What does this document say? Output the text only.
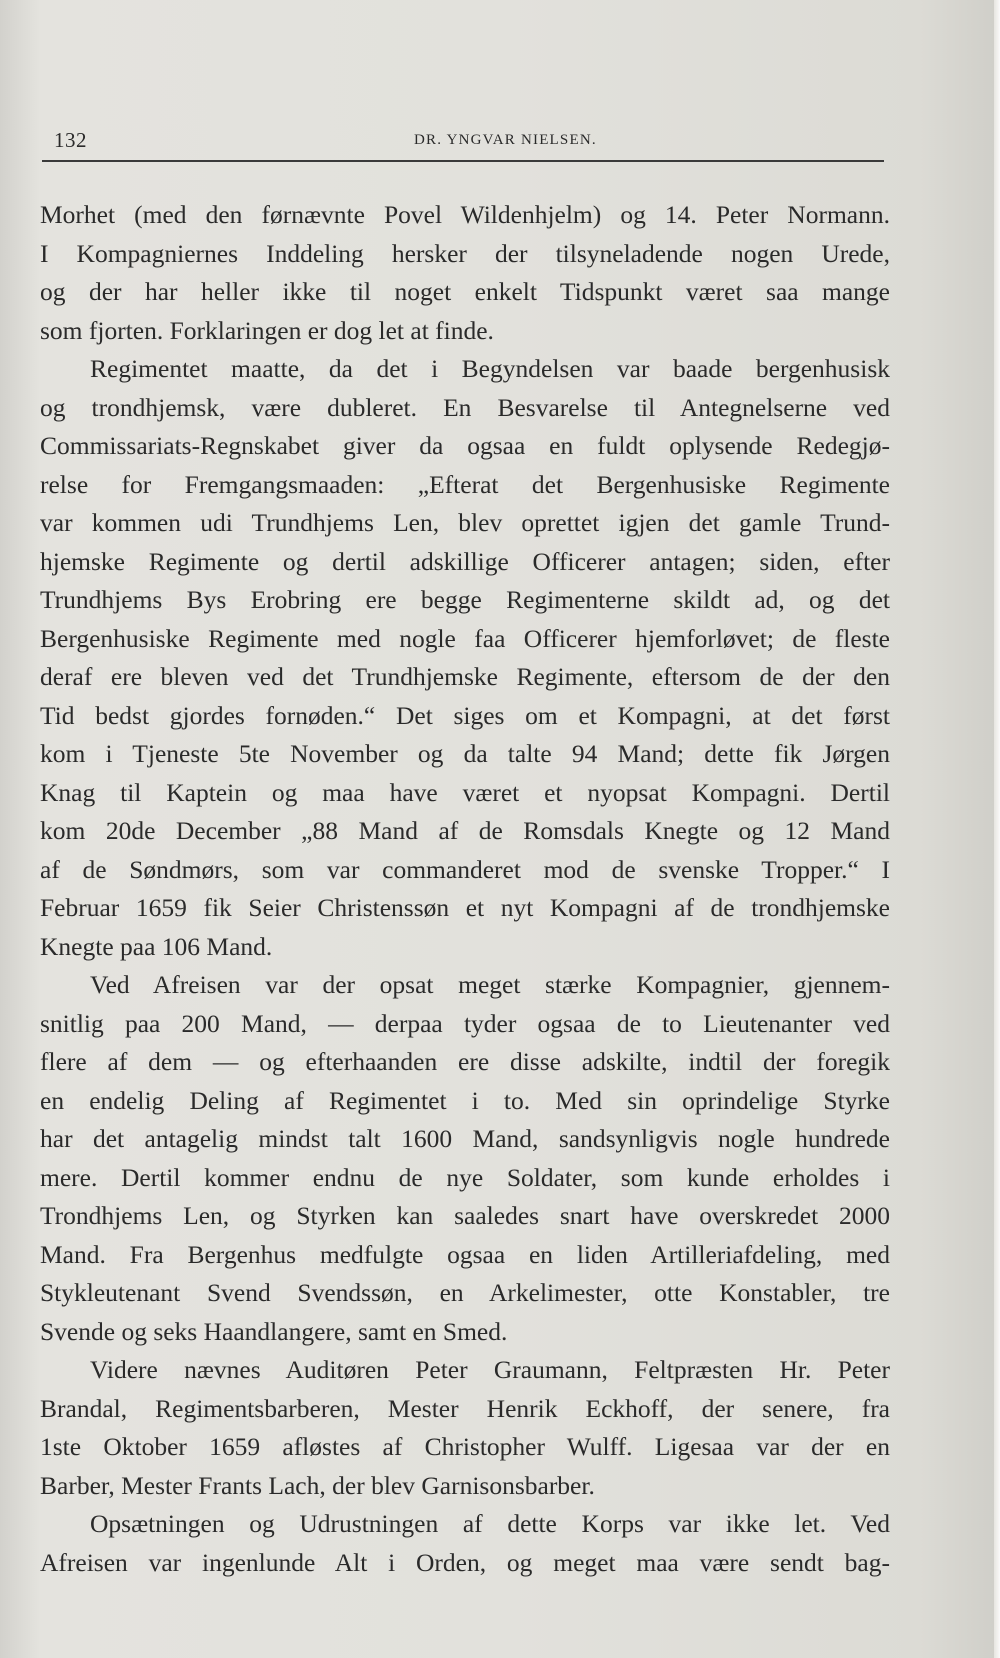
132	DR. YNGVAR NIELSEN.

Morhet (med den førnævnte Povel Wildenhjelm) og 14. Peter Normann.
I Kompagniernes Inddeling hersker der tilsyneladende nogen Urede,
og der har heller ikke til noget enkelt Tidspunkt været saa mange
som fjorten. Forklaringen er dog let at finde.

Regimentet maatte, da det i Begyndelsen var baade bergenhusisk
og trondhjemsk, være dubleret. En Besvarelse til Antegnelserne ved
Commissariats-Regnskabet giver da ogsaa en fuldt oplysende Redegjø-
relse for Fremgangsmaaden: „Efterat det Bergenhusiske Regimente
var kommen udi Trundhjems Len, blev oprettet igjen det gamle Trund-
hjemske Regimente og dertil adskillige Officerer antagen; siden, efter
Trundhjems Bys Erobring ere begge Regimenterne skildt ad, og det
Bergenhusiske Regimente med nogle faa Officerer hjemforløvet; de fleste
deraf ere bleven ved det Trundhjemske Regimente, eftersom de der den
Tid bedst gjordes fornøden.“ Det siges om et Kompagni, at det først
kom i Tjeneste 5te November og da talte 94 Mand; dette fik Jørgen
Knag til Kaptein og maa have været et nyopsat Kompagni. Dertil
kom 20de December „88 Mand af de Romsdals Knegte og 12 Mand
af de Søndmørs, som var commanderet mod de svenske Tropper.“ I
Februar 1659 fik Seier Christenssøn et nyt Kompagni af de trondhjemske
Knegte paa 106 Mand.

Ved Afreisen var der opsat meget stærke Kompagnier, gjennem-
snitlig paa 200 Mand, — derpaa tyder ogsaa de to Lieutenanter ved
flere af dem — og efterhaanden ere disse adskilte, indtil der foregik
en endelig Deling af Regimentet i to. Med sin oprindelige Styrke
har det antagelig mindst talt 1600 Mand, sandsynligvis nogle hundrede
mere. Dertil kommer endnu de nye Soldater, som kunde erholdes i
Trondhjems Len, og Styrken kan saaledes snart have overskredet 2000
Mand. Fra Bergenhus medfulgte ogsaa en liden Artilleriafdeling, med
Stykleutenant Svend Svendssøn, en Arkelimester, otte Konstabler, tre
Svende og seks Haandlangere, samt en Smed.

Videre nævnes Auditøren Peter Graumann, Feltpræsten Hr. Peter
Brandal, Regimentsbarberen, Mester Henrik Eckhoff, der senere, fra
1ste Oktober 1659 afløstes af Christopher Wulff. Ligesaa var der en
Barber, Mester Frants Lach, der blev Garnisonsbarber.

Opsætningen og Udrustningen af dette Korps var ikke let. Ved
Afreisen var ingenlunde Alt i Orden, og meget maa være sendt bag-
